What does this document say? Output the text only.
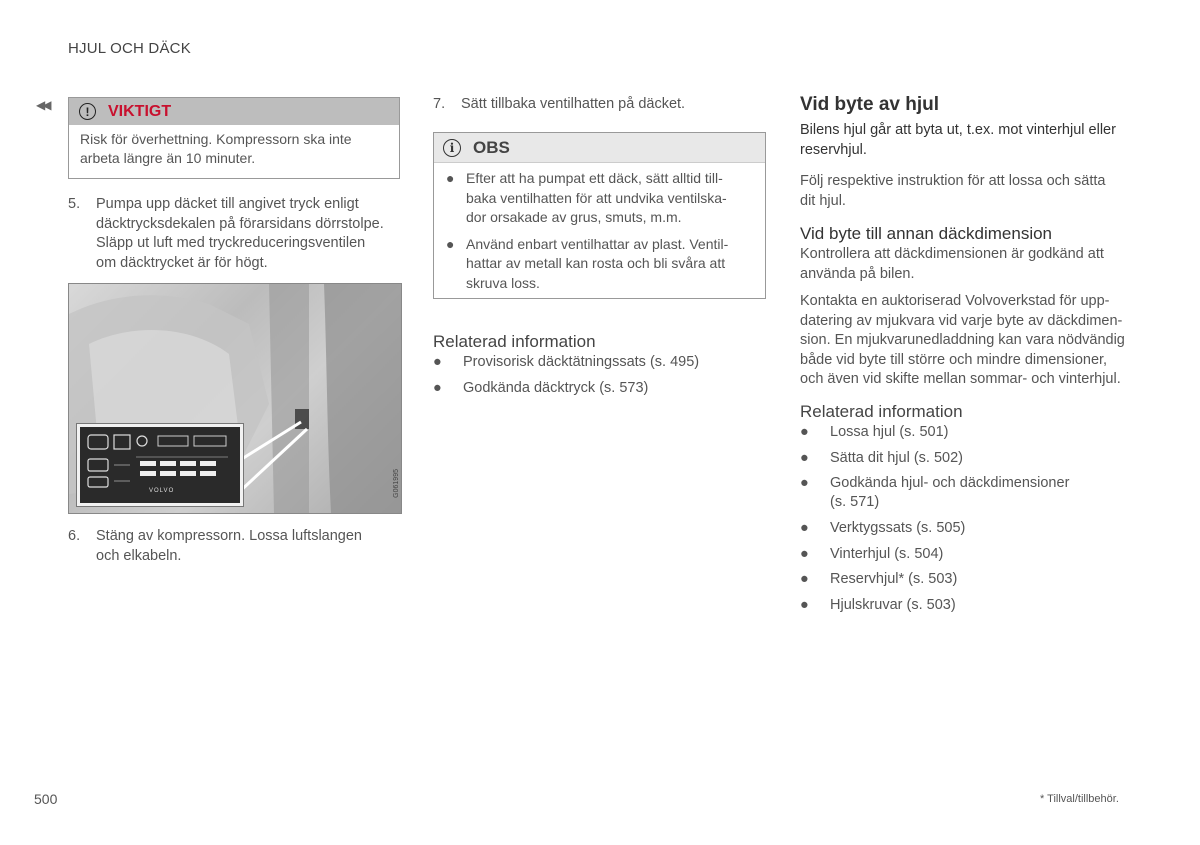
HJUL OCH DÄCK
◀◀	!	VIKTIGT
Risk för överhettning. Kompressorn ska inte
arbeta längre än 10 minuter.
5. Pumpa upp däcket till angivet tryck enligt
däcktrycksdekalen på förarsidans dörrstolpe.
Släpp ut luft med tryckreduceringsventilen
om däcktrycket är för högt.
VOLVO	G061995
6. Stäng av kompressorn. Lossa luftslangen
och elkabeln.
7. Sätt tillbaka ventilhatten på däcket.
i	OBS
● Efter att ha pumpat ett däck, sätt alltid till-
baka ventilhatten för att undvika ventilska-
dor orsakade av grus, smuts, m.m.
● Använd enbart ventilhattar av plast. Ventil-
hattar av metall kan rosta och bli svåra att
skruva loss.
Relaterad information
● Provisorisk däcktätningssats (s. 495)
● Godkända däcktryck (s. 573)
Vid byte av hjul
Bilens hjul går att byta ut, t.ex. mot vinterhjul eller
reservhjul.
Följ respektive instruktion för att lossa och sätta
dit hjul.
Vid byte till annan däckdimension
Kontrollera att däckdimensionen är godkänd att
använda på bilen.
Kontakta en auktoriserad Volvoverkstad för upp-
datering av mjukvara vid varje byte av däckdimen-
sion. En mjukvarunedladdning kan vara nödvändig
både vid byte till större och mindre dimensioner,
och även vid skifte mellan sommar- och vinterhjul.
Relaterad information
● Lossa hjul (s. 501)
● Sätta dit hjul (s. 502)
● Godkända hjul- och däckdimensioner
(s. 571)
● Verktygssats (s. 505)
● Vinterhjul (s. 504)
● Reservhjul* (s. 503)
● Hjulskruvar (s. 503)
500	* Tillval/tillbehör.
